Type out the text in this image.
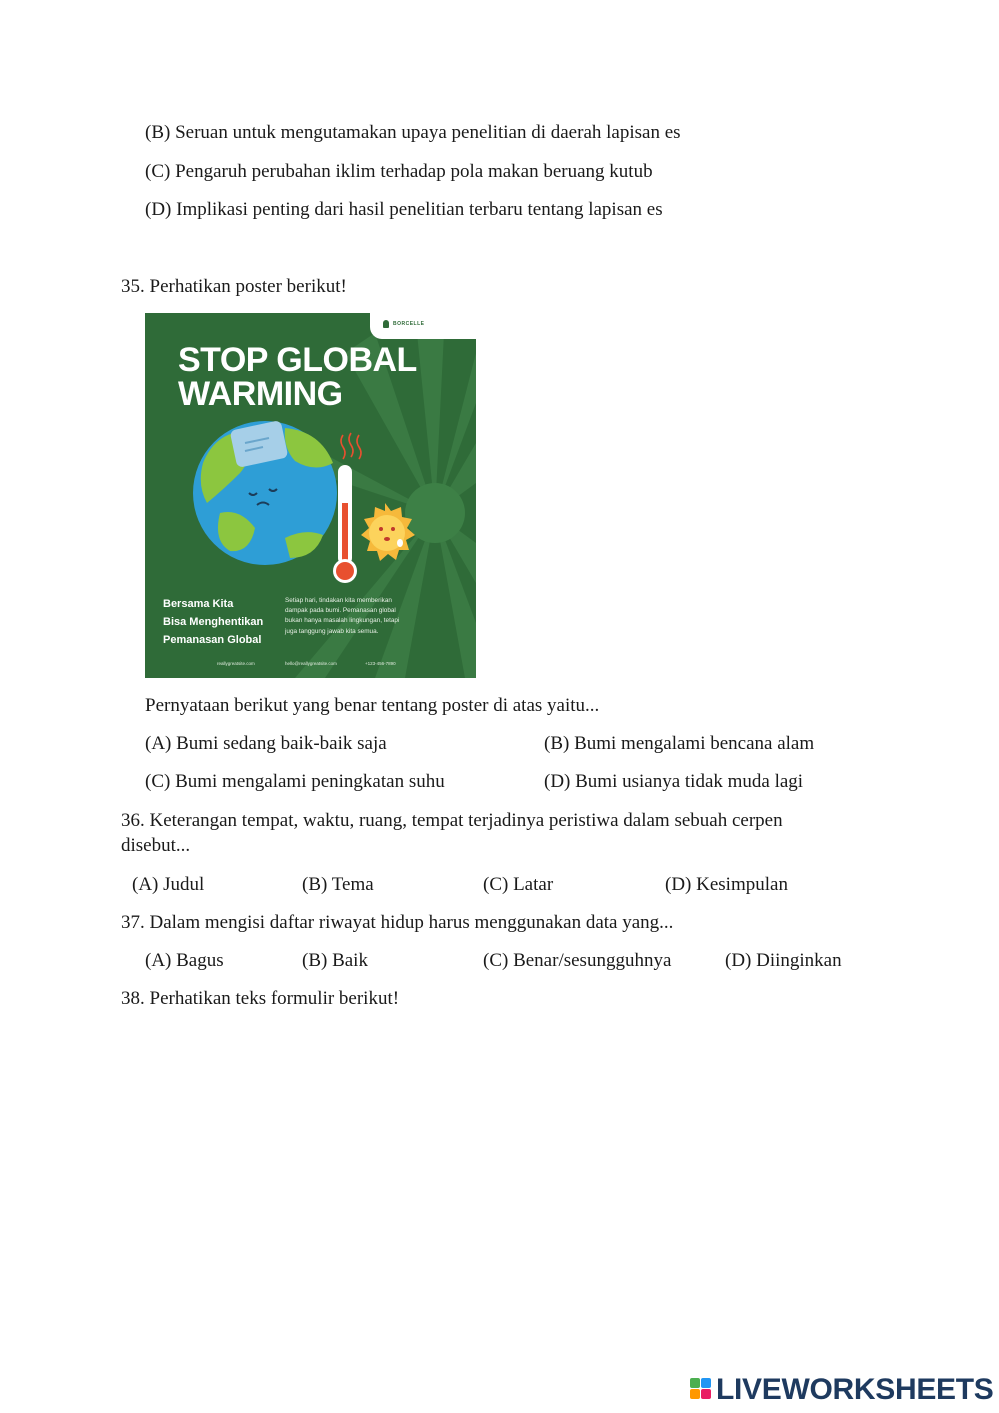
(B) Seruan untuk mengutamakan upaya penelitian di daerah lapisan es
(C) Pengaruh perubahan iklim terhadap pola makan beruang kutub
(D) Implikasi penting dari hasil penelitian terbaru tentang lapisan es
35. Perhatikan poster berikut!
BORCELLE
STOP GLOBAL
WARMING
Bersama Kita
Bisa Menghentikan
Pemanasan Global
Setiap hari, tindakan kita memberikan
dampak pada bumi. Pemanasan global
bukan hanya masalah lingkungan, tetapi
juga tanggung jawab kita semua.
reallygreatsite.com	hello@reallygreatsite.com	+123-456-7890
Pernyataan berikut yang benar tentang poster di atas yaitu...
(A) Bumi sedang baik-baik saja	(B) Bumi mengalami bencana alam
(C) Bumi mengalami peningkatan suhu	(D) Bumi usianya tidak muda lagi
36. Keterangan tempat, waktu, ruang, tempat terjadinya peristiwa dalam sebuah cerpen
disebut...
(A) Judul	(B) Tema	(C) Latar	(D) Kesimpulan
37. Dalam mengisi daftar riwayat hidup harus menggunakan data yang...
(A) Bagus	(B) Baik	(C) Benar/sesungguhnya	(D) Diinginkan
38. Perhatikan teks formulir berikut!
LIVEWORKSHEETS
